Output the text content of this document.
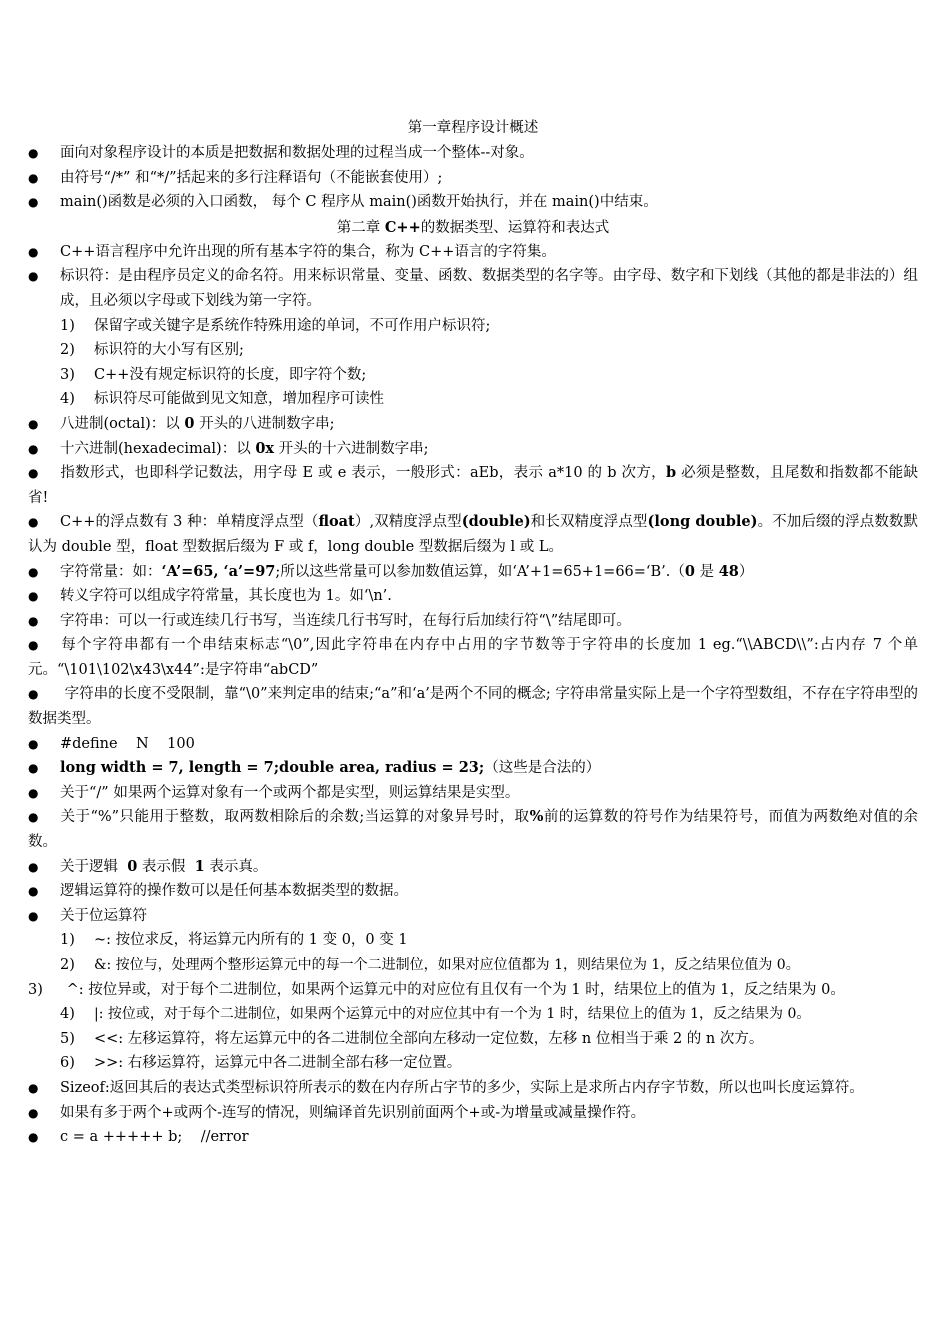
第一章程序设计概述
●	面向对象程序设计的本质是把数据和数据处理的过程当成一个整体--对象。
●	由符号“/*” 和“*/”括起来的多行注释语句（不能嵌套使用）;
●	main()函数是必须的入口函数， 每个 C 程序从 main()函数开始执行，并在 main()中结束。
第二章 C++的数据类型、运算符和表达式
●	C++语言程序中允许出现的所有基本字符的集合，称为 C++语言的字符集。
●	标识符：是由程序员定义的命名符。用来标识常量、变量、函数、数据类型的名字等。由字母、数字和下划线（其他的都是非法的）组成，且必须以字母或下划线为第一字符。
1)	保留字或关键字是系统作特殊用途的单词，不可作用户标识符;
2)	标识符的大小写有区别;
3)	C++没有规定标识符的长度，即字符个数;
4)	标识符尽可能做到见文知意，增加程序可读性
●	八进制(octal)：以 0 开头的八进制数字串;
●	十六进制(hexadecimal)：以 0x 开头的十六进制数字串;
● 指数形式，也即科学记数法，用字母 E 或 e 表示，一般形式：aEb，表示 a*10 的 b 次方，b 必须是整数，且尾数和指数都不能缺省!
● C++的浮点数有 3 种：单精度浮点型（float）,双精度浮点型(double)和长双精度浮点型(long double)。不加后缀的浮点数数默认为 double 型，float 型数据后缀为 F 或 f，long double 型数据后缀为 l 或 L。
● 字符常量：如：‘A’=65, ‘a’=97;所以这些常量可以参加数值运算，如‘A’+1=65+1=66=‘B’.（0 是 48）
● 转义字符可以组成字符常量，其长度也为 1。如‘\n’.
● 字符串：可以一行或连续几行书写，当连续几行书写时，在每行后加续行符“\”结尾即可。
● 每个字符串都有一个串结束标志“\0”,因此字符串在内存中占用的字节数等于字符串的长度加 1 eg.“\\ABCD\\”:占内存 7 个单元。“\101\102\x43\x44”:是字符串“abCD”
● 字符串的长度不受限制，靠“\0”来判定串的结束;“a”和‘a’是两个不同的概念; 字符串常量实际上是一个字符型数组，不存在字符串型的数据类型。
●	#define    N    100
●	long width = 7, length = 7;double area, radius = 23;（这些是合法的）
●	关于“/” 如果两个运算对象有一个或两个都是实型，则运算结果是实型。
● 关于“%”只能用于整数，取两数相除后的余数;当运算的对象异号时，取%前的运算数的符号作为结果符号，而值为两数绝对值的余数。
●	关于逻辑  0 表示假  1 表示真。
●	逻辑运算符的操作数可以是任何基本数据类型的数据。
●	关于位运算符
1)	~: 按位求反，将运算元内所有的 1 变 0，0 变 1
2)	&: 按位与，处理两个整形运算元中的每一个二进制位，如果对应位值都为 1，则结果位为 1，反之结果位值为 0。
3) ^: 按位异或，对于每个二进制位，如果两个运算元中的对应位有且仅有一个为 1 时，结果位上的值为 1，反之结果为 0。
4)	|: 按位或，对于每个二进制位，如果两个运算元中的对应位其中有一个为 1 时，结果位上的值为 1，反之结果为 0。
5)	<<: 左移运算符，将左运算元中的各二进制位全部向左移动一定位数，左移 n 位相当于乘 2 的 n 次方。
6)	>>: 右移运算符，运算元中各二进制全部右移一定位置。
● Sizeof:返回其后的表达式类型标识符所表示的数在内存所占字节的多少，实际上是求所占内存字节数，所以也叫长度运算符。
●	如果有多于两个+或两个-连写的情况，则编译首先识别前面两个+或-为增量或减量操作符。
●	c = a +++++ b;    //error
